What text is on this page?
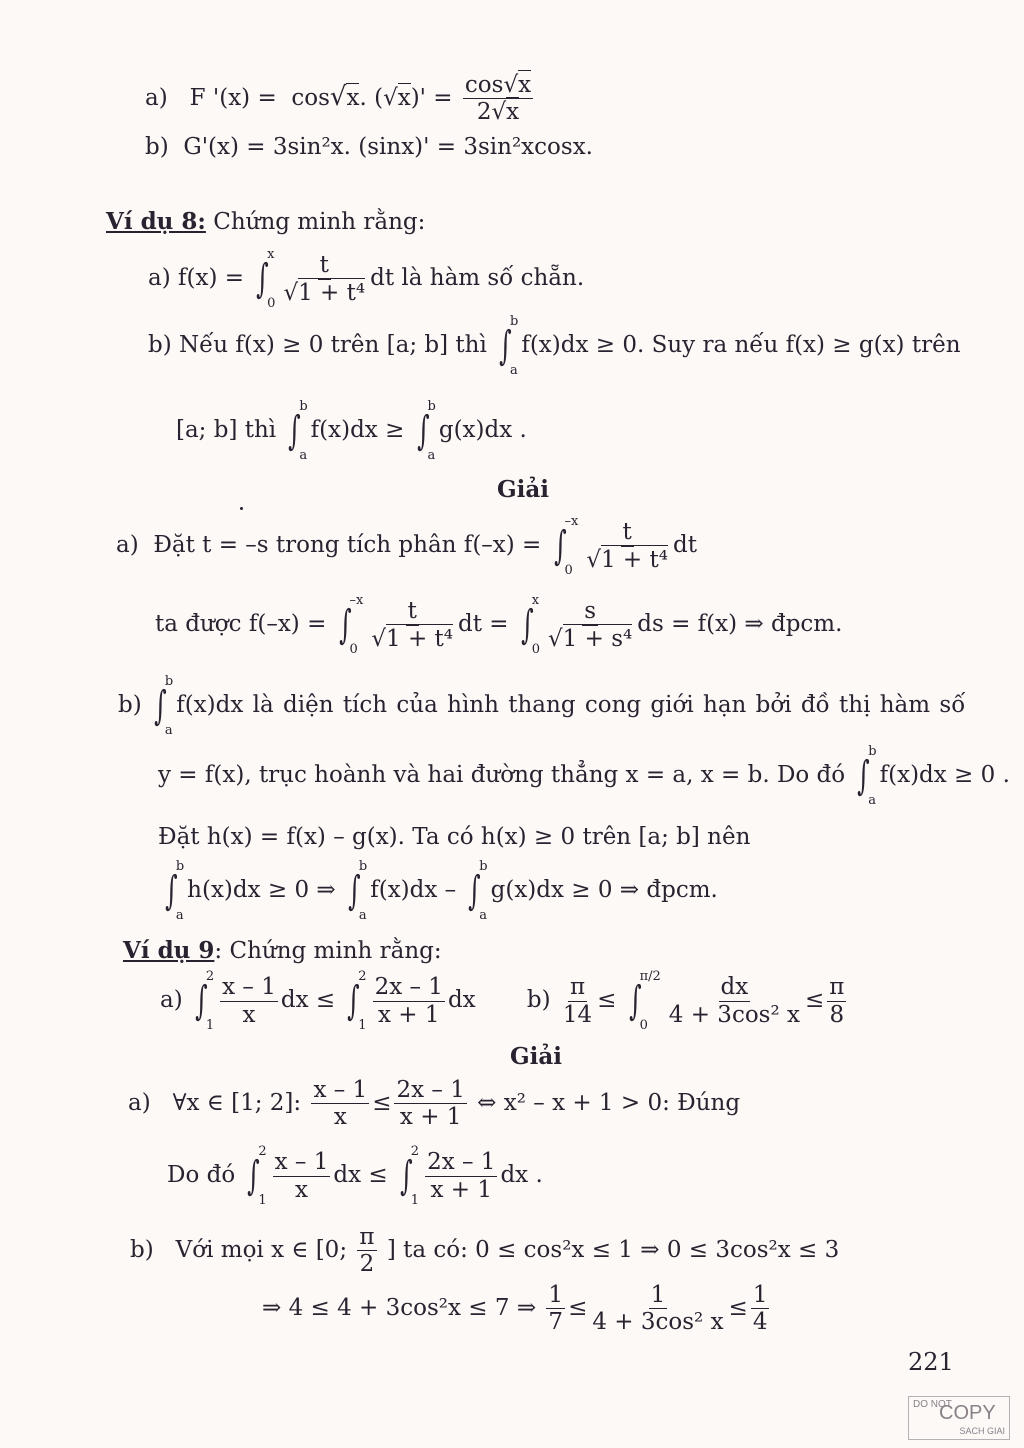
a) F '(x) = cos√x. $(√x)' = \frac{\cos√x}{2√x}$
b) G'(x) = 3sin²x. (sinx)' = 3sin²xcosx.
Ví dụ 8: Chứng minh rằng:
a) f(x) = ∫
x
$0 \frac{t}{\text{√1 + t⁴}}$ dt là hàm số chẵn.
b) Nếu f(x) ≥ 0 trên [a; b] thì ∫
b
a
f(x)dx ≥ 0. Suy ra nếu f(x) ≥ g(x) trên
[a; b] thì ∫
b
a
f(x)dx ≥ ∫
b
a
g(x)dx .
Giải
a) Đặt t = –s trong tích phân f(–x) = ∫
–x
$0 \frac{t}{\text{√1 + t⁴}}$ dt
ta được f(–x) = ∫
–x
$0 \frac{t}{\text{√1 + t⁴}}$ dt = ∫
x
$0 \frac{s}{\text{√1 + s⁴}}$ ds = f(x) ⇒ đpcm.
b) ∫
b
a
f(x)dx là diện tích của hình thang cong giới hạn bởi đồ thị hàm số
y = f(x), trục hoành và hai đường thẳng x = a, x = b. Do đó ∫
b
a
f(x)dx ≥ 0 .
Đặt h(x) = f(x) – g(x). Ta có h(x) ≥ 0 trên [a; b] nên
∫
b
a
h(x)dx ≥ 0 ⇒ ∫
b
a
f(x)dx – ∫
b
a
g(x)dx ≥ 0 ⇒ đpcm.
Ví dụ 9: Chứng minh rằng:
a) ∫
2
$1 \frac{x - 1}{x}$ dx ≤ ∫
2
$1 \frac{2x - 1}{x + 1}$ dx $b) \frac{\pi}{14}$ ≤ ∫
π/2
$0 \frac{dx}{\text{4 + 3cos² x}} \le \frac{\pi}{8}$
Giải
a) ∀x ∈ [1; 2]: $\frac{x - 1}{x} \le \frac{2x - 1}{x + 1}$ ⇔ x² – x + 1 > 0: Đúng
Do đó ∫
2
$1 \frac{x - 1}{x}$ dx ≤ ∫
2
$1 \frac{2x - 1}{x + 1}$ dx .
b) Với mọi x ∈ [0; $\frac{\pi}{2}$ ] ta có: 0 ≤ cos²x ≤ 1 ⇒ 0 ≤ 3cos²x ≤ 3
⇒ 4 ≤ 4 + 3cos²x ≤ 7 ⇒ $\frac{1}{7} \le \frac{1}{\text{4 + 3cos² x}} \le \frac{1}{4}$
221
DO NOT
COPY
SACH GIAI
